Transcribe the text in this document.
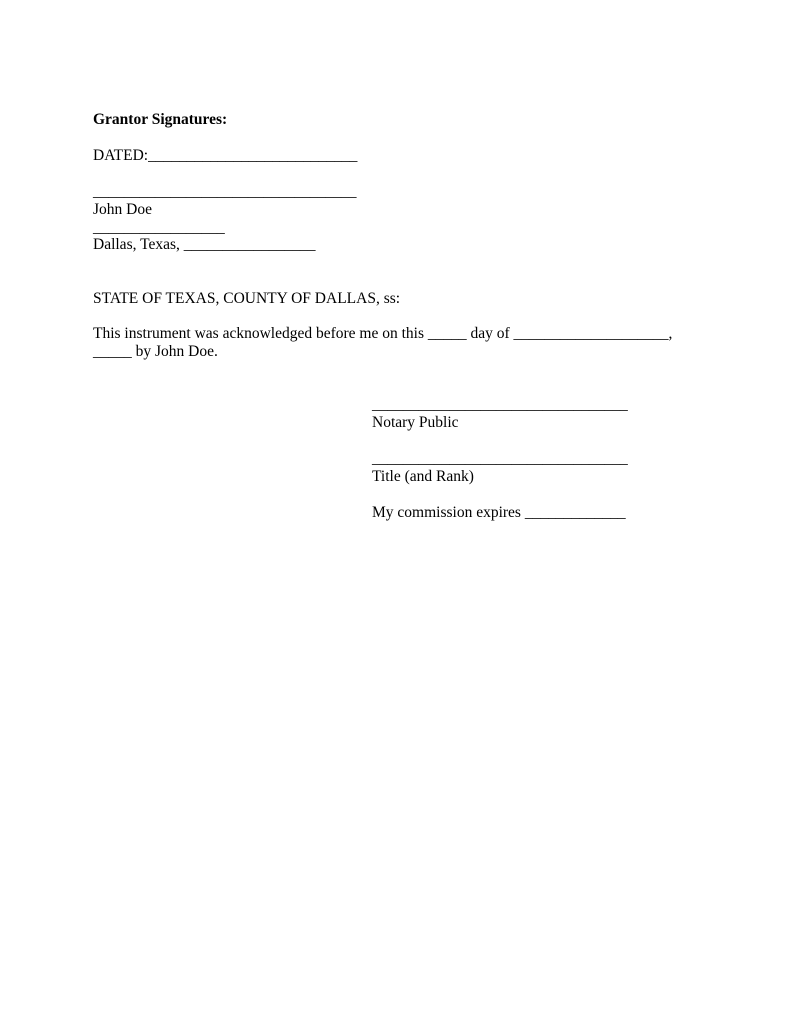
Grantor Signatures:
DATED:___________________________
__________________________________
John Doe
_________________
Dallas, Texas, _________________
STATE OF TEXAS, COUNTY OF DALLAS, ss:
This instrument was acknowledged before me on this _____ day of ____________________,
_____ by John Doe.
_________________________________
Notary Public
_________________________________
Title (and Rank)
My commission expires _____________
